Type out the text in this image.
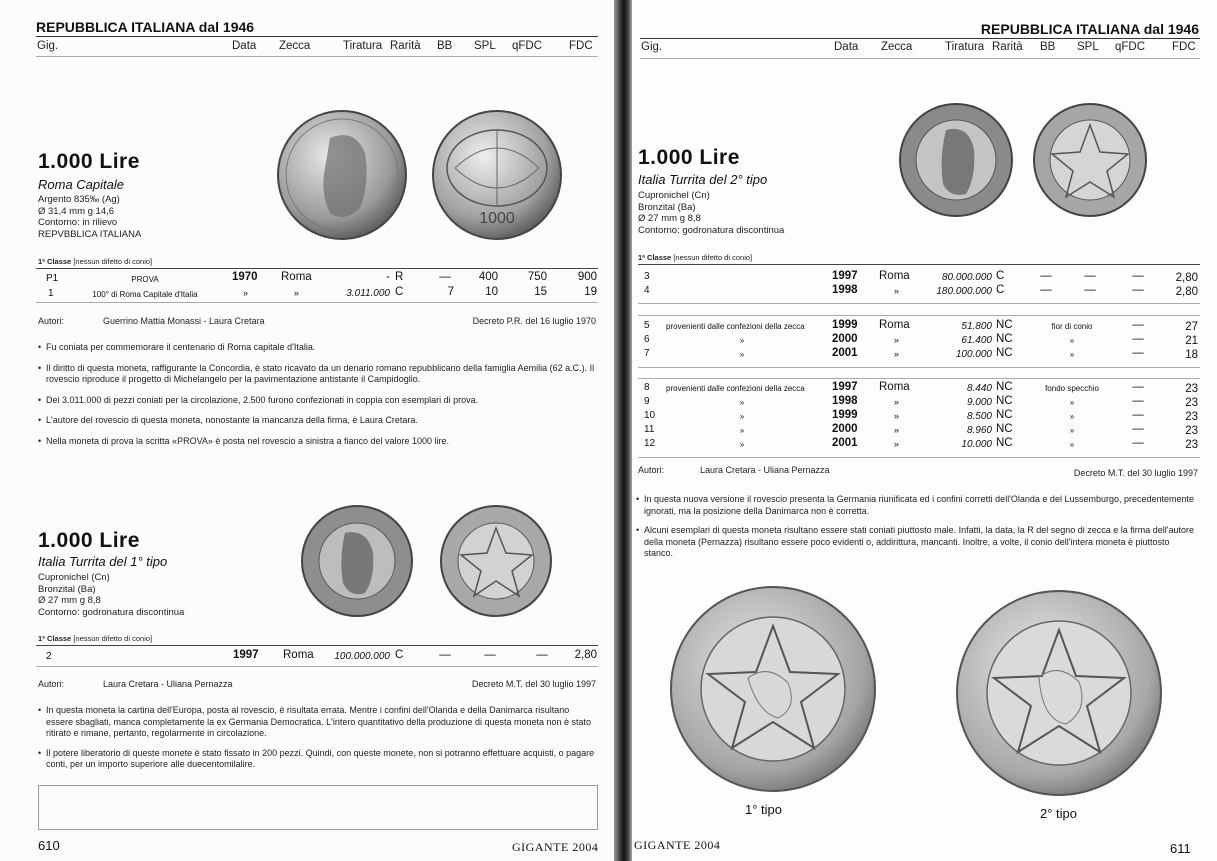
REPUBBLICA ITALIANA dal 1946
Gig.	Data Zecca	Tiratura Rarità BB SPL qFDC FDC
1.000 Lire
Roma Capitale
Argento 835‰ (Ag)
Ø 31,4 mm g 14,6
Contorno: in rilievo
REPVBBLICA ITALIANA
1000
1ª Classe [nessun difetto di conio]
P1	PROVA	1970 Roma	- R	—	400	750	900
1	100° di Roma Capitale d'Italia	»	»	3.011.000 C	7	10	15	19
Autori:	Guerrino Mattia Monassi - Laura Cretara	Decreto P.R. del 16 luglio 1970
• Fu coniata per commemorare il centenario di Roma capitale d'Italia.
• Il diritto di questa moneta, raffigurante la Concordia, è stato ricavato da un denario romano repubblicano della famiglia Aemilia (62 a.C.). Il rovescio riproduce il progetto di Michelangelo per la pavimentazione antistante il Campidoglio.
• Dei 3.011.000 di pezzi coniati per la circolazione, 2.500 furono confezionati in coppia con esemplari di prova.
• L'autore del rovescio di questa moneta, nonostante la mancanza della firma, è Laura Cretara.
• Nella moneta di prova la scritta «PROVA» è posta nel rovescio a sinistra a fianco del valore 1000 lire.
1.000 Lire
Italia Turrita del 1° tipo
Cupronichel (Cn)
Bronzital (Ba)
Ø 27 mm g 8,8
Contorno: godronatura discontinua
1ª Classe [nessun difetto di conio]
2	1997 Roma	100.000.000 C	—	—	—	2,80
Autori:	Laura Cretara - Uliana Pernazza	Decreto M.T. del 30 luglio 1997
• In questa moneta la cartina dell'Europa, posta al rovescio, è risultata errata. Mentre i confini dell'Olanda e della Danimarca risultano essere sbagliati, manca completamente la ex Germania Democratica. L'intero quantitativo della produzione di questa moneta non è stato ritirato e rimane, pertanto, regolarmente in circolazione.
• Il potere liberatorio di queste monete è stato fissato in 200 pezzi. Quindi, con queste monete, non si potranno effettuare acquisti, o pagare conti, per un importo superiore alle duecentomilalire.
610	GIGANTE 2004
REPUBBLICA ITALIANA dal 1946
Gig.	Data Zecca	Tiratura Rarità BB SPL qFDC FDC
1.000 Lire
Italia Turrita del 2° tipo
Cupronichel (Cn)
Bronzital (Ba)
Ø 27 mm g 8,8
Contorno: godronatura discontinua
1ª Classe [nessun difetto di conio]
3	1997 Roma	80.000.000 C	—	—	—	2,80
4	1998	»	180.000.000 C	—	—	—	2,80
5 provenienti dalle confezioni della zecca 1999 Roma	51.800 NC	fior di conio	—	27
6	»	2000	»	61.400 NC	»	—	21
7	»	2001	»	100.000 NC	»	—	18
8 provenienti dalle confezioni della zecca 1997 Roma	8.440 NC	fondo specchio	—	23
9	»	1998	»	9.000 NC	»	—	23
10	»	1999	»	8.500 NC	»	—	23
11	»	2000	»	8.960 NC	»	—	23
12	»	2001	»	10.000 NC	»	—	23
Autori:	Laura Cretara - Uliana Pernazza	Decreto M.T. del 30 luglio 1997
• In questa nuova versione il rovescio presenta la Germania riunificata ed i confini corretti dell'Olanda e del Lussemburgo, precedentemente ignorati, ma la posizione della Danimarca non è corretta.
• Alcuni esemplari di questa moneta risultano essere stati coniati piuttosto male. Infatti, la data, la R del segno di zecca e la firma dell'autore della moneta (Pernazza) risultano essere poco evidenti o, addirittura, mancanti. Inoltre, a volte, il conio dell'intera moneta è piuttosto stanco.
1° tipo	2° tipo
GIGANTE 2004	611
